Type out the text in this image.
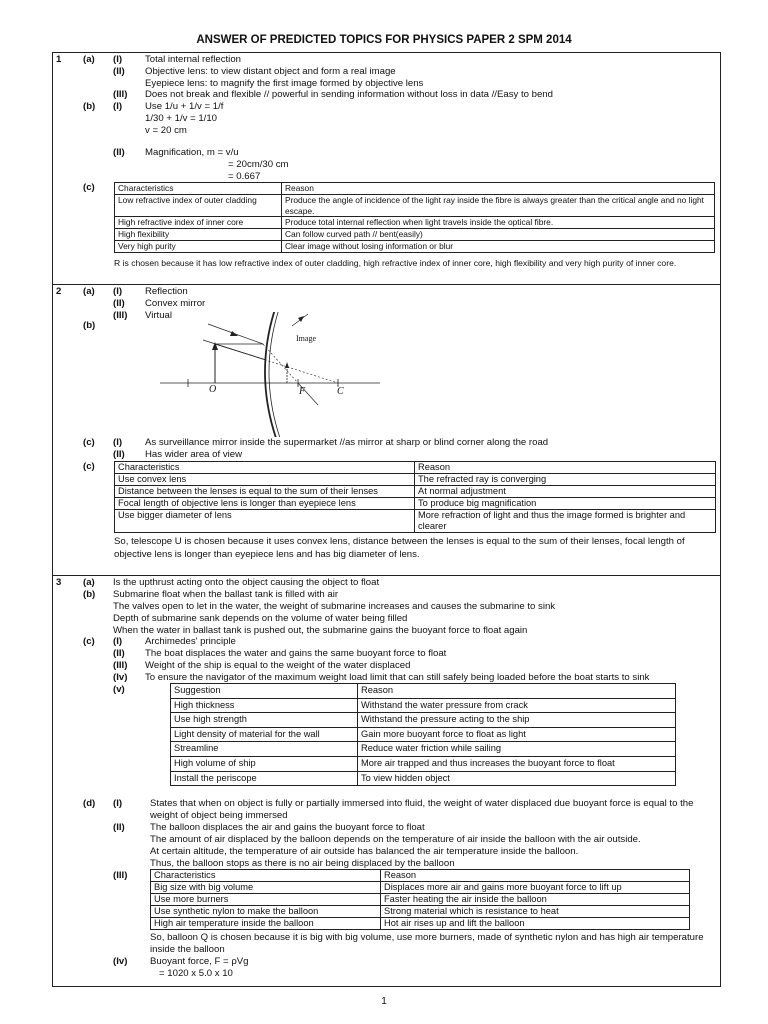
ANSWER OF PREDICTED TOPICS FOR PHYSICS PAPER 2 SPM 2014
1 (a) (I) Total internal reflection
(II) Objective lens: to view distant object and form a real image
Eyepiece lens: to magnify the first image formed by objective lens
(III) Does not break and flexible // powerful in sending information without loss in data //Easy to bend
(b) (I) Use 1/u + 1/v = 1/f
1/30 + 1/v = 1/10
v = 20 cm
(II) Magnification, m = v/u
= 20cm/30 cm
= 0.667
(c)	Characteristics	Reason
Low refractive index of outer cladding	Produce the angle of incidence of the light ray inside the fibre is always greater than the critical angle and no light escape.
High refractive index of inner core	Produce total internal reflection when light travels inside the optical fibre.
High flexibility	Can follow curved path // bent(easily)
Very high purity	Clear image without losing information or blur
R is chosen because it has low refractive index of outer cladding, high refractive index of inner core, high flexibility and very high purity of inner core.
2 (a) (I) Reflection
(II) Convex mirror
(III) Virtual
(b)
Image
O	F	C
(c) (I) As surveillance mirror inside the supermarket //as mirror at sharp or blind corner along the road
(II) Has wider area of view
(c)	Characteristics	Reason
Use convex lens	The refracted ray is converging
Distance between the lenses is equal to the sum of their lenses	At normal adjustment
Focal length of objective lens is longer than eyepiece lens	To produce big magnification
Use bigger diameter of lens	More refraction of light and thus the image formed is brighter and clearer
So, telescope U is chosen because it uses convex lens, distance between the lenses is equal to the sum of their lenses, focal length of objective lens is longer than eyepiece lens and has big diameter of lens.
3 (a) Is the upthrust acting onto the object causing the object to float
(b) Submarine float when the ballast tank is filled with air
The valves open to let in the water, the weight of submarine increases and causes the submarine to sink
Depth of submarine sank depends on the volume of water being filled
When the water in ballast tank is pushed out, the submarine gains the buoyant force to float again
(c) (I) Archimedes' principle
(II) The boat displaces the water and gains the same buoyant force to float
(III) Weight of the ship is equal to the weight of the water displaced
(Iv) To ensure the navigator of the maximum weight load limit that can still safely being loaded before the boat starts to sink
(v)	Suggestion	Reason
High thickness	Withstand the water pressure from crack
Use high strength	Withstand the pressure acting to the ship
Light density of material for the wall	Gain more buoyant force to float as light
Streamline	Reduce water friction while sailing
High volume of ship	More air trapped and thus increases the buoyant force to float
Install the periscope	To view hidden object
(d) (I)	States that when on object is fully or partially immersed into fluid, the weight of water displaced due buoyant force is equal to the weight of object being immersed
(II)	The balloon displaces the air and gains the buoyant force to float
The amount of air displaced by the balloon depends on the temperature of air inside the balloon with the air outside.
At certain altitude, the temperature of air outside has balanced the air temperature inside the balloon.
Thus, the balloon stops as there is no air being displaced by the balloon
(III)	Characteristics	Reason
Big size with big volume	Displaces more air and gains more buoyant force to lift up
Use more burners	Faster heating the air inside the balloon
Use synthetic nylon to make the balloon	Strong material which is resistance to heat
High air temperature inside the balloon	Hot air rises up and lift the balloon
So, balloon Q is chosen because it is big with big volume, use more burners, made of synthetic nylon and has high air temperature inside the balloon
(Iv) Buoyant force, F = ρVg
= 1020 x 5.0 x 10
1
